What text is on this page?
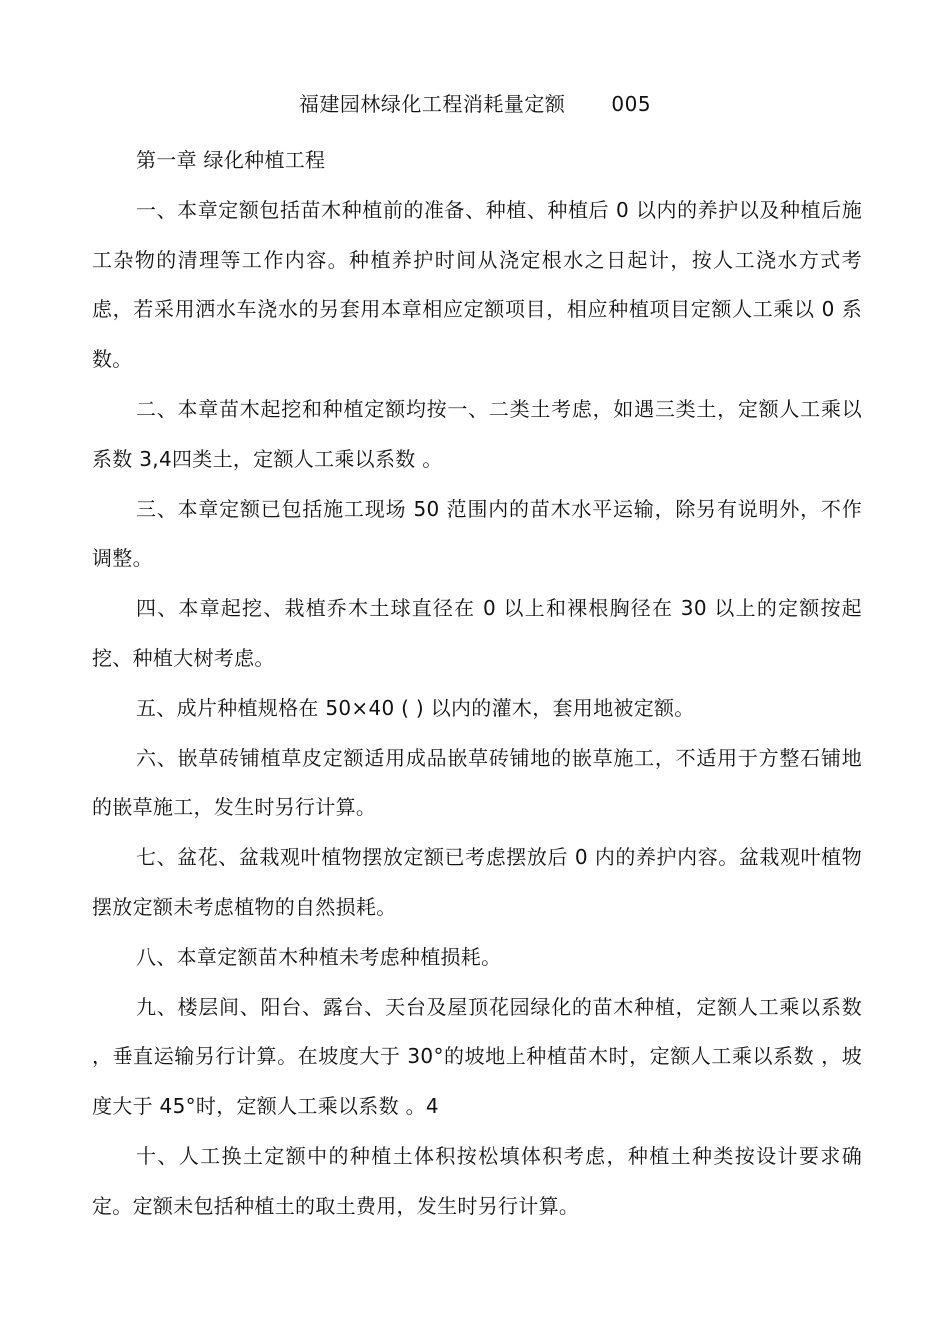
福建园林绿化工程消耗量定额 005

第一章 绿化种植工程

一、本章定额包括苗木种植前的准备、种植、种植后 0 以内的养护以及种植后施工杂物的清理等工作内容。种植养护时间从浇定根水之日起计，按人工浇水方式考虑，若采用洒水车浇水的另套用本章相应定额项目，相应种植项目定额人工乘以 0 系数。

二、本章苗木起挖和种植定额均按一、二类土考虑，如遇三类土，定额人工乘以系数 3,4四类土，定额人工乘以系数 。

三、本章定额已包括施工现场 50 范围内的苗木水平运输，除另有说明外，不作调整。

四、本章起挖、栽植乔木土球直径在 0 以上和裸根胸径在 30 以上的定额按起挖、种植大树考虑。

五、成片种植规格在 50×40 ( ) 以内的灌木，套用地被定额。

六、嵌草砖铺植草皮定额适用成品嵌草砖铺地的嵌草施工，不适用于方整石铺地的嵌草施工，发生时另行计算。

七、盆花、盆栽观叶植物摆放定额已考虑摆放后 0 内的养护内容。盆栽观叶植物摆放定额未考虑植物的自然损耗。

八、本章定额苗木种植未考虑种植损耗。

九、楼层间、阳台、露台、天台及屋顶花园绿化的苗木种植，定额人工乘以系数 ，垂直运输另行计算。在坡度大于 30°的坡地上种植苗木时，定额人工乘以系数 ，坡度大于 45°时，定额人工乘以系数 。4

十、人工换土定额中的种植土体积按松填体积考虑，种植土种类按设计要求确定。定额未包括种植土的取土费用，发生时另行计算。
